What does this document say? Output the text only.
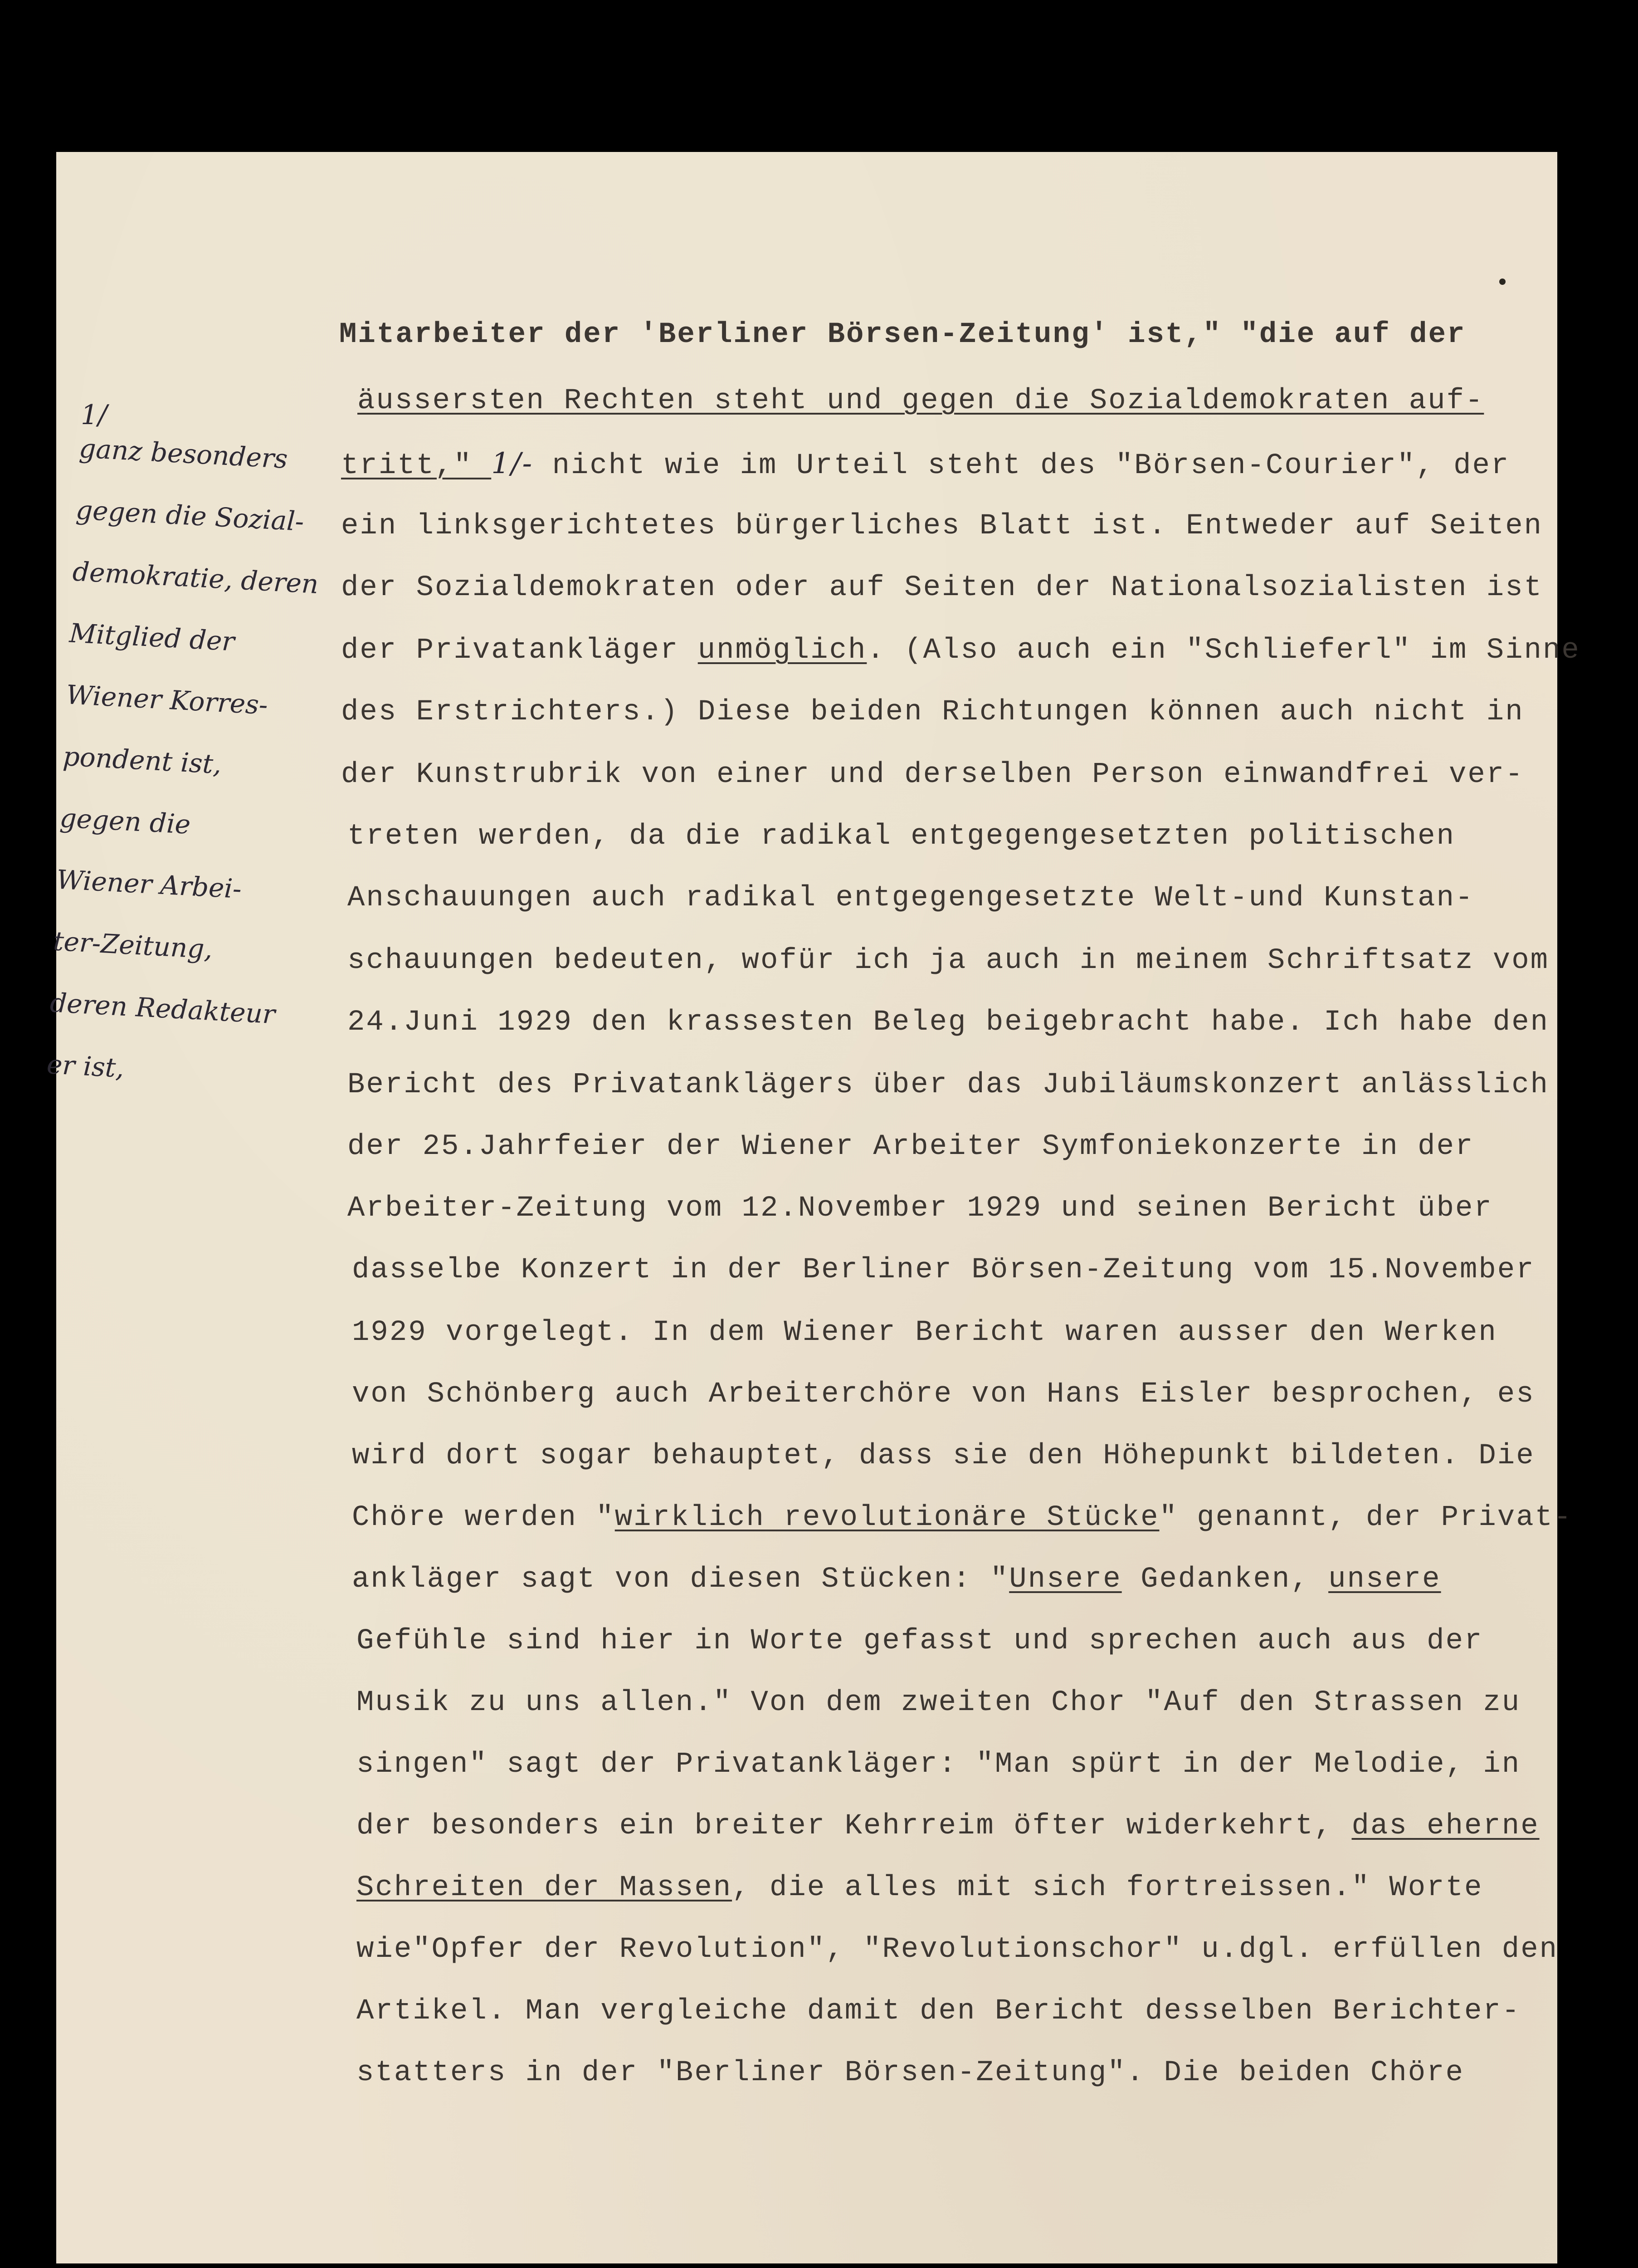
ganz besonders
gegen die Sozial-
demokratie, deren
Mitglied der
Wiener Korres-
pondent ist,
gegen die
Wiener Arbei-
ter-Zeitung,
deren Redakteur
er ist,
1/
Mitarbeiter der 'Berliner Börsen-Zeitung' ist," "die auf der
äussersten Rechten steht und gegen die Sozialdemokraten auf-
tritt," 1/- nicht wie im Urteil steht des "Börsen-Courier", der
ein linksgerichtetes bürgerliches Blatt ist. Entweder auf Seiten
der Sozialdemokraten oder auf Seiten der Nationalsozialisten ist
der Privatankläger unmöglich. (Also auch ein "Schlieferl" im Sinne
des Erstrichters.) Diese beiden Richtungen können auch nicht in
der Kunstrubrik von einer und derselben Person einwandfrei ver-
treten werden, da die radikal entgegengesetzten politischen
Anschauungen auch radikal entgegengesetzte Welt-und Kunstan-
schauungen bedeuten, wofür ich ja auch in meinem Schriftsatz vom
24.Juni 1929 den krassesten Beleg beigebracht habe. Ich habe den
Bericht des Privatanklägers über das Jubiläumskonzert anlässlich
der 25.Jahrfeier der Wiener Arbeiter Symfoniekonzerte in der
Arbeiter-Zeitung vom 12.November 1929 und seinen Bericht über
dasselbe Konzert in der Berliner Börsen-Zeitung vom 15.November
1929 vorgelegt. In dem Wiener Bericht waren ausser den Werken
von Schönberg auch Arbeiterchöre von Hans Eisler besprochen, es
wird dort sogar behauptet, dass sie den Höhepunkt bildeten. Die
Chöre werden "wirklich revolutionäre Stücke" genannt, der Privat-
ankläger sagt von diesen Stücken: "Unsere Gedanken, unsere
Gefühle sind hier in Worte gefasst und sprechen auch aus der
Musik zu uns allen." Von dem zweiten Chor "Auf den Strassen zu
singen" sagt der Privatankläger: "Man spürt in der Melodie, in
der besonders ein breiter Kehrreim öfter widerkehrt, das eherne
Schreiten der Massen, die alles mit sich fortreissen." Worte
wie"Opfer der Revolution", "Revolutionschor" u.dgl. erfüllen den
Artikel. Man vergleiche damit den Bericht desselben Berichter-
statters in der "Berliner Börsen-Zeitung". Die beiden Chöre
